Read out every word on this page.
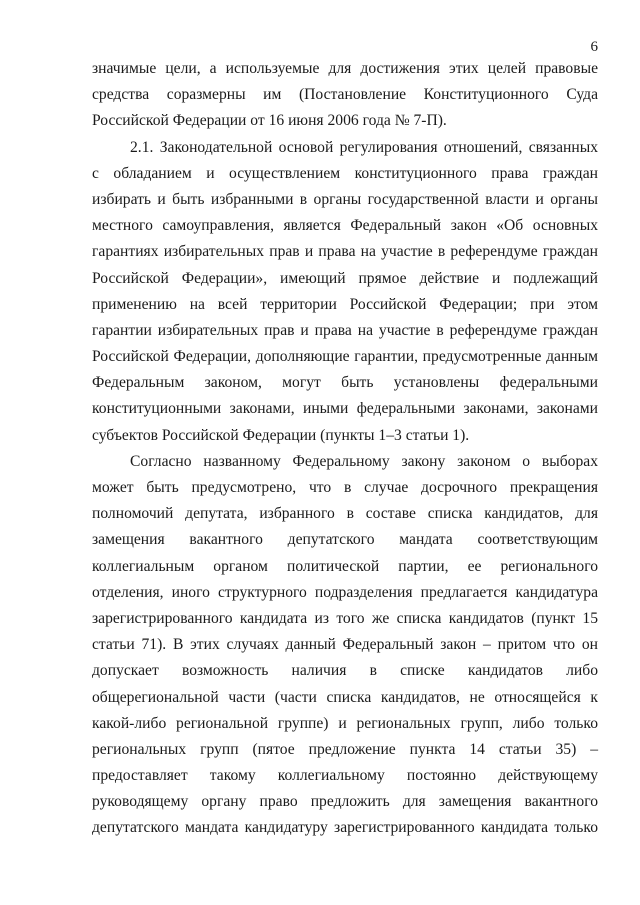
6
значимые цели, а используемые для достижения этих целей правовые
средства соразмерны им (Постановление Конституционного Суда
Российской Федерации от 16 июня 2006 года № 7-П).
2.1. Законодательной основой регулирования отношений, связанных
с обладанием и осуществлением конституционного права граждан
избирать и быть избранными в органы государственной власти и органы
местного самоуправления, является Федеральный закон «Об основных
гарантиях избирательных прав и права на участие в референдуме граждан
Российской Федерации», имеющий прямое действие и подлежащий
применению на всей территории Российской Федерации; при этом
гарантии избирательных прав и права на участие в референдуме граждан
Российской Федерации, дополняющие гарантии, предусмотренные данным
Федеральным законом, могут быть установлены федеральными
конституционными законами, иными федеральными законами, законами
субъектов Российской Федерации (пункты 1–3 статьи 1).
Согласно названному Федеральному закону законом о выборах
может быть предусмотрено, что в случае досрочного прекращения
полномочий депутата, избранного в составе списка кандидатов, для
замещения вакантного депутатского мандата соответствующим
коллегиальным органом политической партии, ее регионального
отделения, иного структурного подразделения предлагается кандидатура
зарегистрированного кандидата из того же списка кандидатов (пункт 15
статьи 71). В этих случаях данный Федеральный закон – притом что он
допускает возможность наличия в списке кандидатов либо
общерегиональной части (части списка кандидатов, не относящейся к
какой-либо региональной группе) и региональных групп, либо только
региональных групп (пятое предложение пункта 14 статьи 35) –
предоставляет такому коллегиальному постоянно действующему
руководящему органу право предложить для замещения вакантного
депутатского мандата кандидатуру зарегистрированного кандидата только
